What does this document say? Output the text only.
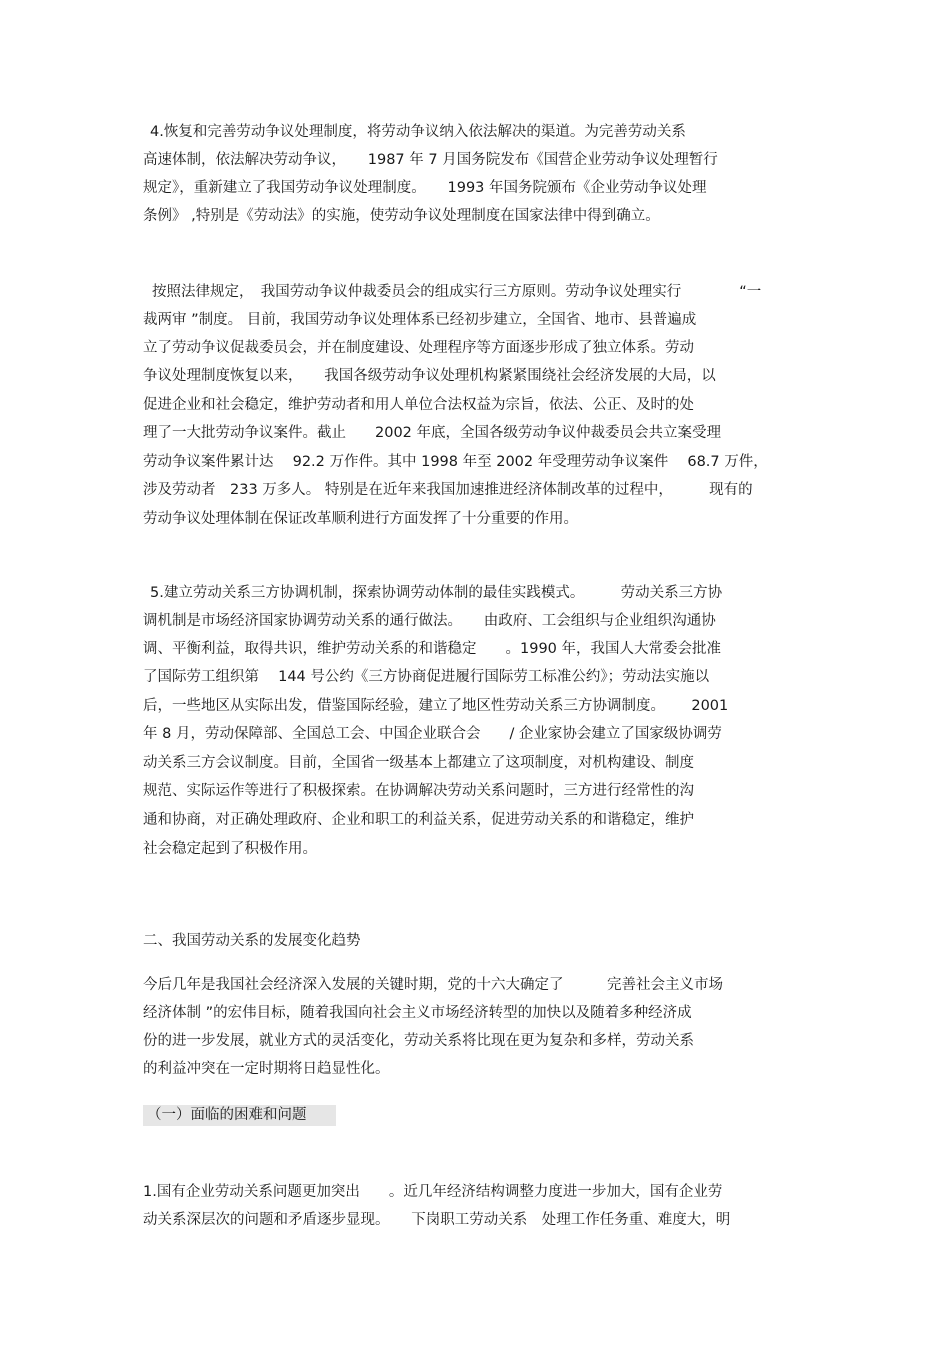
4.恢复和完善劳动争议处理制度，将劳动争议纳入依法解决的渠道。为完善劳动关系
高速体制，依法解决劳动争议，　　1987 年 7 月国务院发布《国营企业劳动争议处理暂行
规定》，重新建立了我国劳动争议处理制度。　　1993 年国务院颁布《企业劳动争议处理
条例》 ,特别是《劳动法》的实施，使劳动争议处理制度在国家法律中得到确立。
按照法律规定，　我国劳动争议仲裁委员会的组成实行三方原则。劳动争议处理实行　　　　“一
裁两审 ”制度。 目前，我国劳动争议处理体系已经初步建立，全国省、地市、县普遍成
立了劳动争议促裁委员会，并在制度建设、处理程序等方面逐步形成了独立体系。劳动
争议处理制度恢复以来，　　我国各级劳动争议处理机构紧紧围绕社会经济发展的大局，以
促进企业和社会稳定，维护劳动者和用人单位合法权益为宗旨，依法、公正、及时的处
理了一大批劳动争议案件。截止　　2002 年底，全国各级劳动争议仲裁委员会共立案受理
劳动争议案件累计达　 92.2 万作件。其中 1998 年至 2002 年受理劳动争议案件　 68.7 万件，
涉及劳动者　233 万多人。 特别是在近年来我国加速推进经济体制改革的过程中，　　　现有的
劳动争议处理体制在保证改革顺利进行方面发挥了十分重要的作用。
5.建立劳动关系三方协调机制，探索协调劳动体制的最佳实践模式。　　　劳动关系三方协
调机制是市场经济国家协调劳动关系的通行做法。　　由政府、工会组织与企业组织沟通协
调、平衡利益，取得共识，维护劳动关系的和谐稳定　　。1990 年，我国人大常委会批准
了国际劳工组织第　 144 号公约《三方协商促进履行国际劳工标准公约》；劳动法实施以
后，一些地区从实际出发，借鉴国际经验，建立了地区性劳动关系三方协调制度。　　 2001
年 8 月，劳动保障部、全国总工会、中国企业联合会　　/ 企业家协会建立了国家级协调劳
动关系三方会议制度。目前，全国省一级基本上都建立了这项制度，对机构建设、制度
规范、实际运作等进行了积极探索。在协调解决劳动关系问题时，三方进行经常性的沟
通和协商，对正确处理政府、企业和职工的利益关系，促进劳动关系的和谐稳定，维护
社会稳定起到了积极作用。
二、我国劳动关系的发展变化趋势
今后几年是我国社会经济深入发展的关键时期，党的十六大确定了　　　完善社会主义市场
经济体制 ”的宏伟目标，随着我国向社会主义市场经济转型的加快以及随着多种经济成
份的进一步发展，就业方式的灵活变化，劳动关系将比现在更为复杂和多样，劳动关系
的利益冲突在一定时期将日趋显性化。
（一）面临的困难和问题
1.国有企业劳动关系问题更加突出　　。近几年经济结构调整力度进一步加大，国有企业劳
动关系深层次的问题和矛盾逐步显现。　　下岗职工劳动关系　处理工作任务重、难度大，明
